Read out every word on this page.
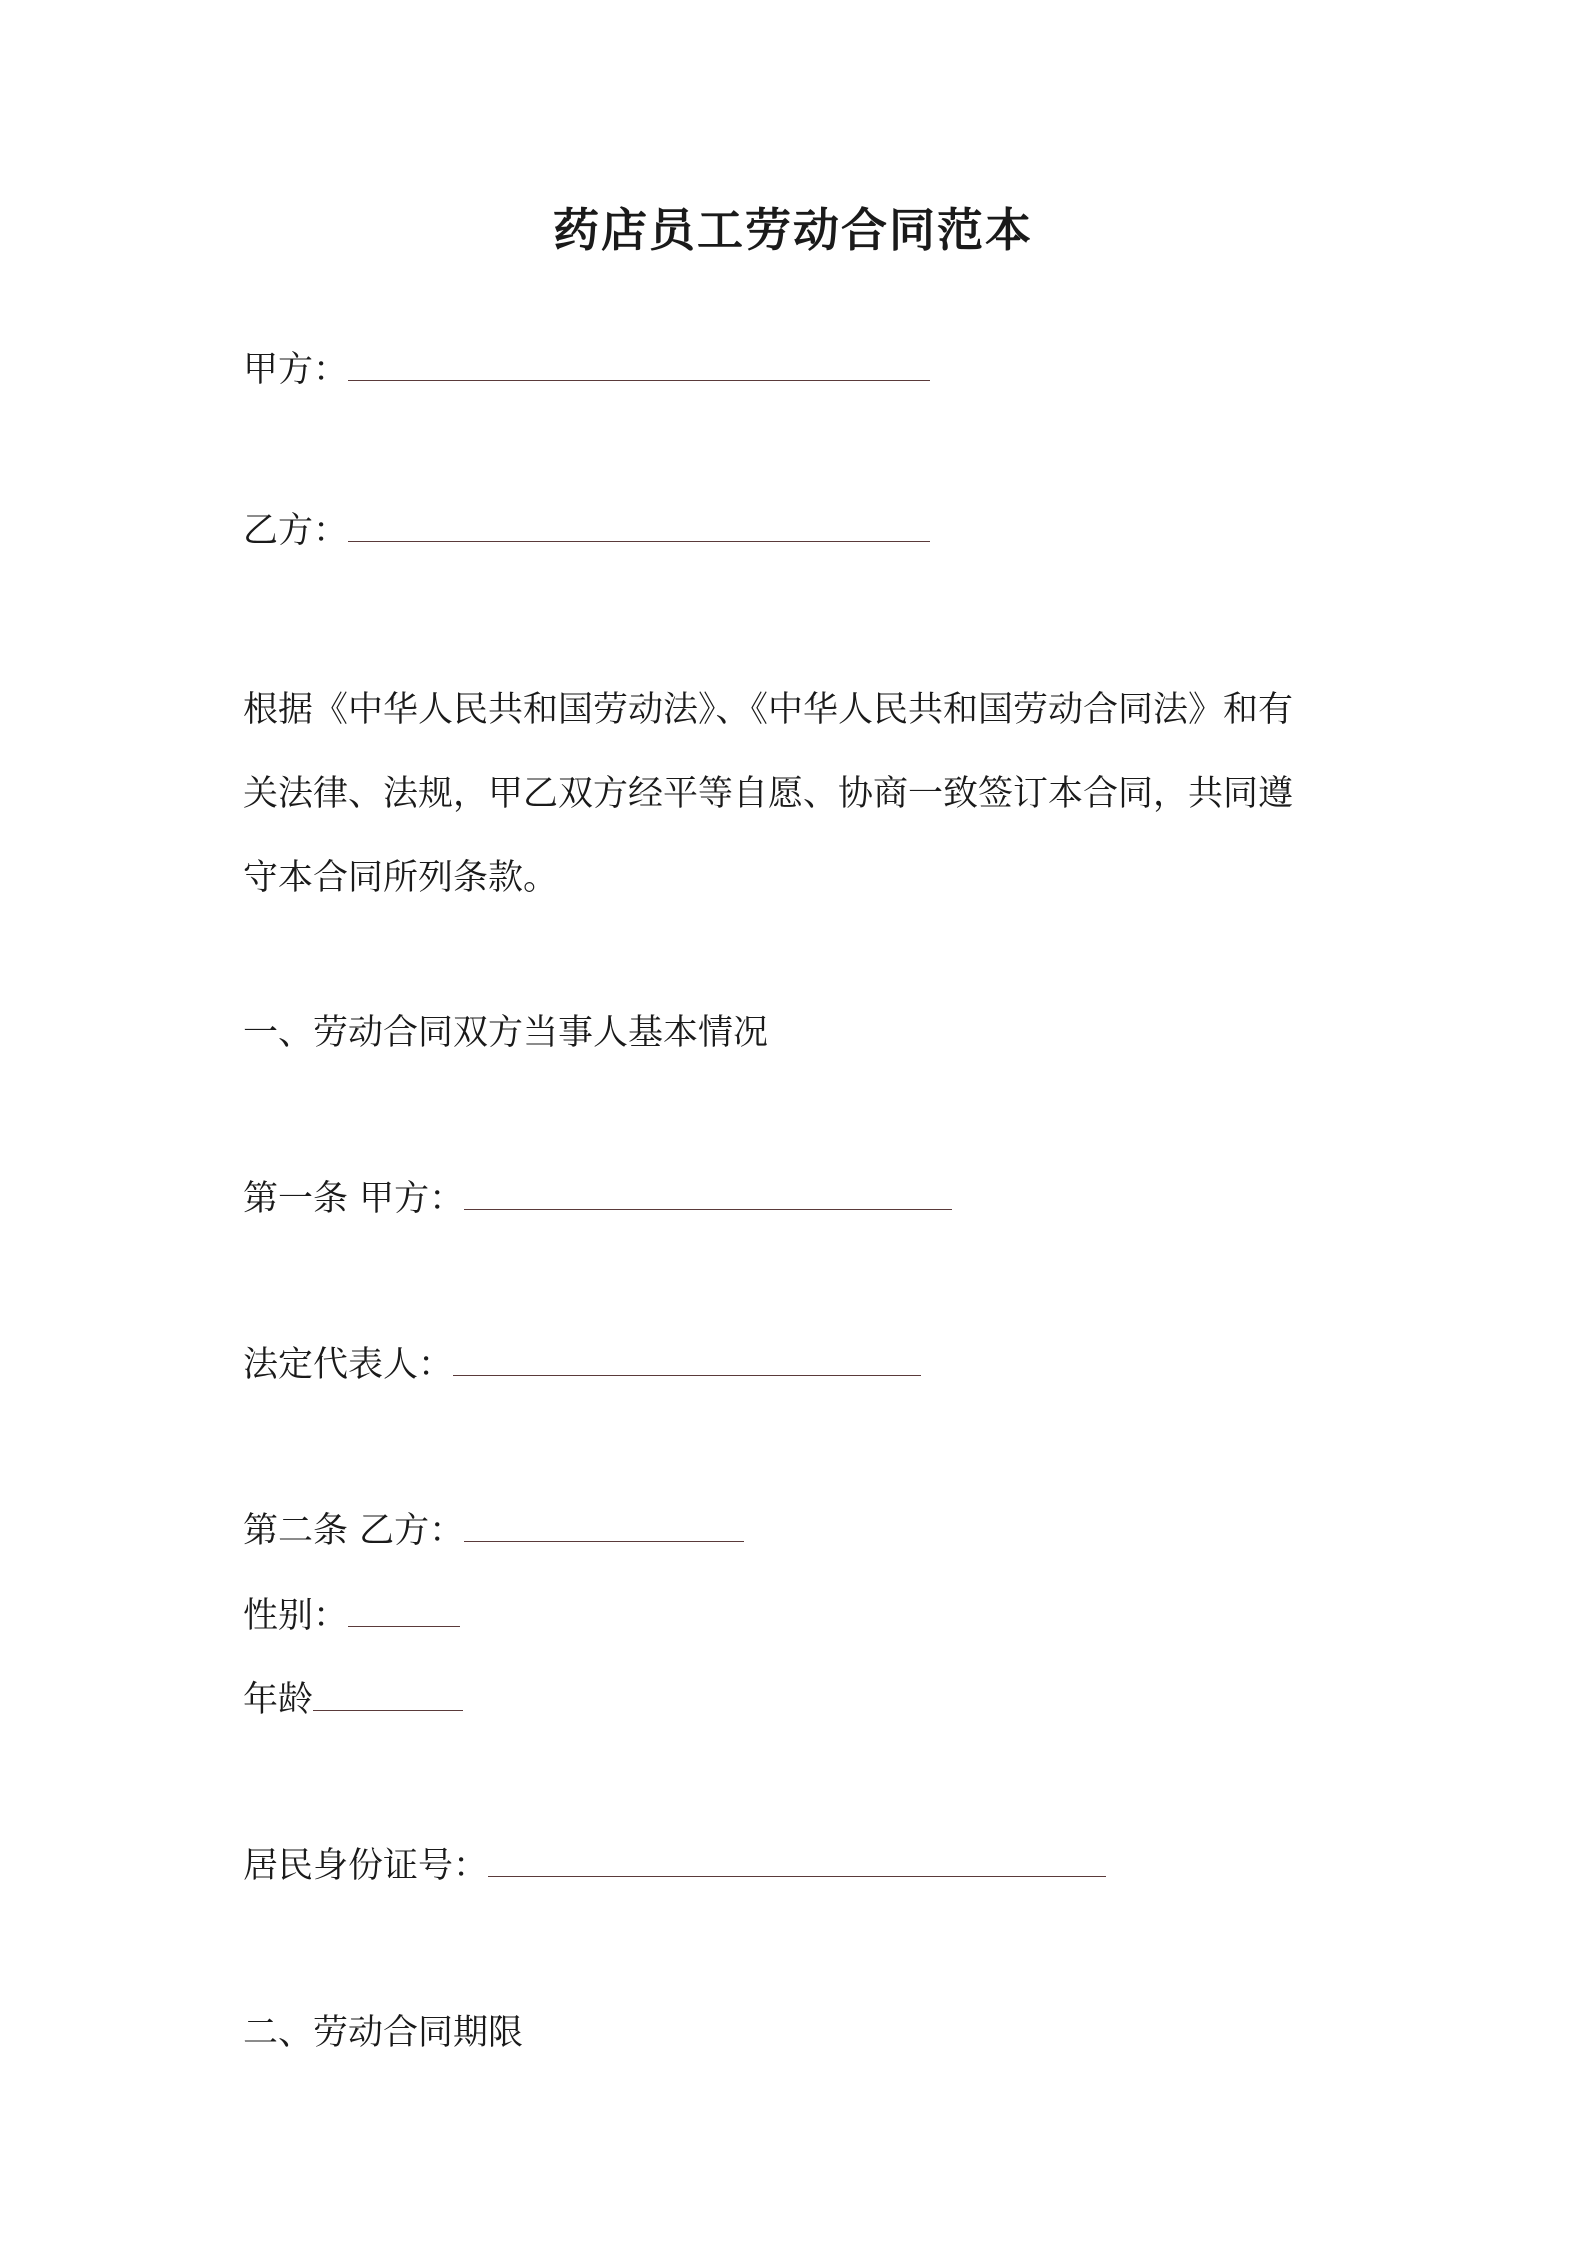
药店员工劳动合同范本
甲方：
乙方：
根据《中华人民共和国劳动法》、《中华人民共和国劳动合同法》和有
关法律、法规，甲乙双方经平等自愿、协商一致签订本合同，共同遵
守本合同所列条款。
一、劳动合同双方当事人基本情况
第一条 甲方：
法定代表人：
第二条 乙方：
性别：
年龄
居民身份证号：
二、劳动合同期限
